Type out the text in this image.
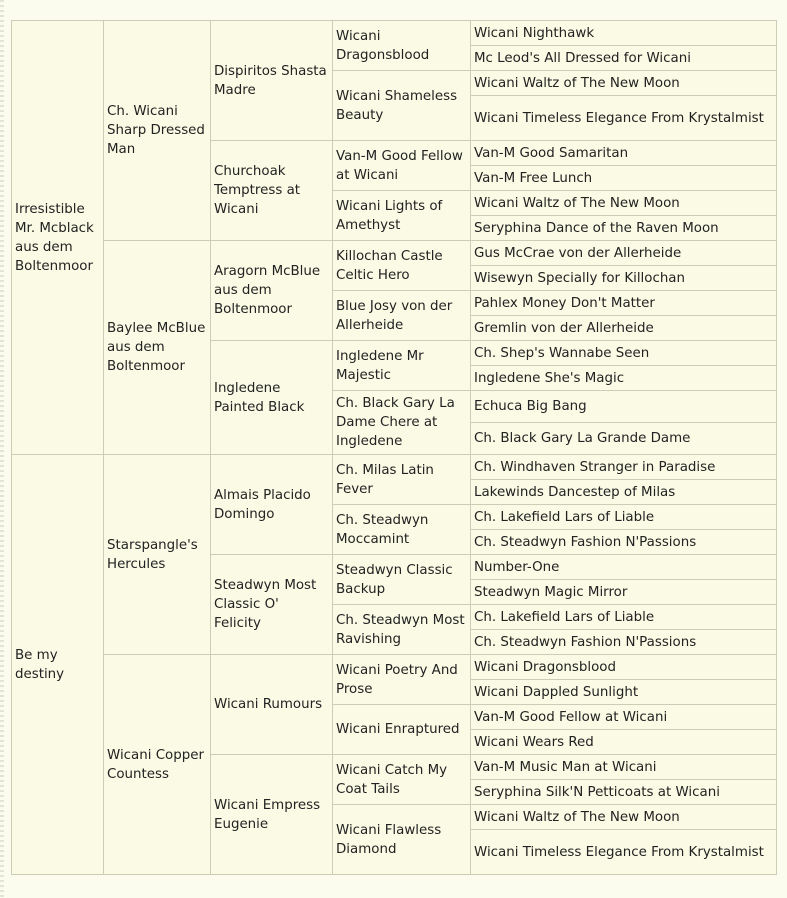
Irresistible Mr. Mcblack aus dem Boltenmoor	Ch. Wicani Sharp Dressed Man	Dispiritos Shasta Madre	Wicani Dragonsblood	Wicani Nighthawk
				Mc Leod's All Dressed for Wicani
			Wicani Shameless Beauty	Wicani Waltz of The New Moon
				Wicani Timeless Elegance From Krystalmist
		Churchoak Temptress at Wicani	Van-M Good Fellow at Wicani	Van-M Good Samaritan
				Van-M Free Lunch
			Wicani Lights of Amethyst	Wicani Waltz of The New Moon
				Seryphina Dance of the Raven Moon
	Baylee McBlue aus dem Boltenmoor	Aragorn McBlue aus dem Boltenmoor	Killochan Castle Celtic Hero	Gus McCrae von der Allerheide
				Wisewyn Specially for Killochan
			Blue Josy von der Allerheide	Pahlex Money Don't Matter
				Gremlin von der Allerheide
		Ingledene Painted Black	Ingledene Mr Majestic	Ch. Shep's Wannabe Seen
				Ingledene She's Magic
			Ch. Black Gary La Dame Chere at Ingledene	Echuca Big Bang
				Ch. Black Gary La Grande Dame
Be my destiny	Starspangle's Hercules	Almais Placido Domingo	Ch. Milas Latin Fever	Ch. Windhaven Stranger in Paradise
				Lakewinds Dancestep of Milas
			Ch. Steadwyn Moccamint	Ch. Lakefield Lars of Liable
				Ch. Steadwyn Fashion N'Passions
		Steadwyn Most Classic O' Felicity	Steadwyn Classic Backup	Number-One
				Steadwyn Magic Mirror
			Ch. Steadwyn Most Ravishing	Ch. Lakefield Lars of Liable
				Ch. Steadwyn Fashion N'Passions
	Wicani Copper Countess	Wicani Rumours	Wicani Poetry And Prose	Wicani Dragonsblood
				Wicani Dappled Sunlight
			Wicani Enraptured	Van-M Good Fellow at Wicani
				Wicani Wears Red
		Wicani Empress Eugenie	Wicani Catch My Coat Tails	Van-M Music Man at Wicani
				Seryphina Silk'N Petticoats at Wicani
			Wicani Flawless Diamond	Wicani Waltz of The New Moon
				Wicani Timeless Elegance From Krystalmist
